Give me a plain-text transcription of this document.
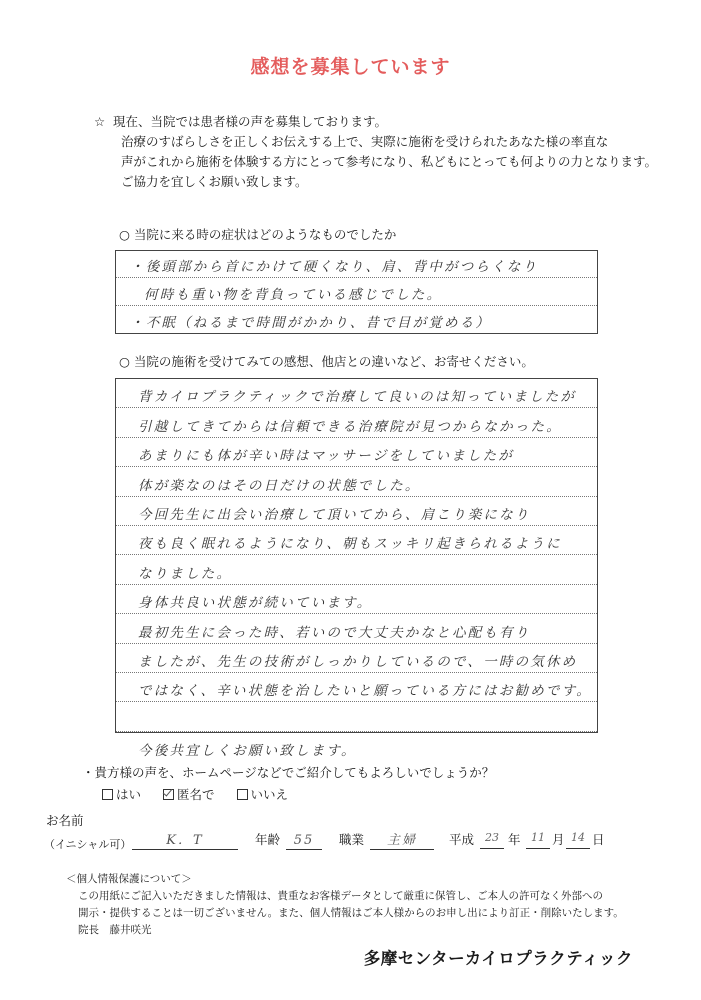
感想を募集しています
☆ 現在、当院では患者様の声を募集しております。
治療のすばらしさを正しくお伝えする上で、実際に施術を受けられたあなた様の率直な
声がこれから施術を体験する方にとって参考になり、私どもにとっても何よりの力となります。
ご協力を宜しくお願い致します。
○ 当院に来る時の症状はどのようなものでしたか
・後頭部から首にかけて硬くなり、肩、背中がつらくなり
何時も重い物を背負っている感じでした。
・不眠（ねるまで時間がかかり、昔で目が覚める）
○ 当院の施術を受けてみての感想、他店との違いなど、お寄せください。
背カイロプラクティックで治療して良いのは知っていましたが
引越してきてからは信頼できる治療院が見つからなかった。
あまりにも体が辛い時はマッサージをしていましたが
体が楽なのはその日だけの状態でした。
今回先生に出会い治療して頂いてから、肩こり楽になり
夜も良く眠れるようになり、朝もスッキリ起きられるように
なりました。
身体共良い状態が続いています。
最初先生に会った時、若いので大丈夫かなと心配も有り
ましたが、先生の技術がしっかりしているので、一時の気休め
ではなく、辛い状態を治したいと願っている方にはお勧めです。
今後共宜しくお願い致します。
・貴方様の声を、ホームページなどでご紹介してもよろしいでしょうか？
はい	匿名で	いいえ
お名前
（イニシャル可）	K．T	年齢	55	職業	主婦	平成 23 年 11 月 14 日
＜個人情報保護について＞
この用紙にご記入いただきました情報は、貴重なお客様データとして厳重に保管し、ご本人の許可なく外部への
開示・提供することは一切ございません。また、個人情報はご本人様からのお申し出により訂正・削除いたします。
院長　藤井咲光
多摩センターカイロプラクティック
